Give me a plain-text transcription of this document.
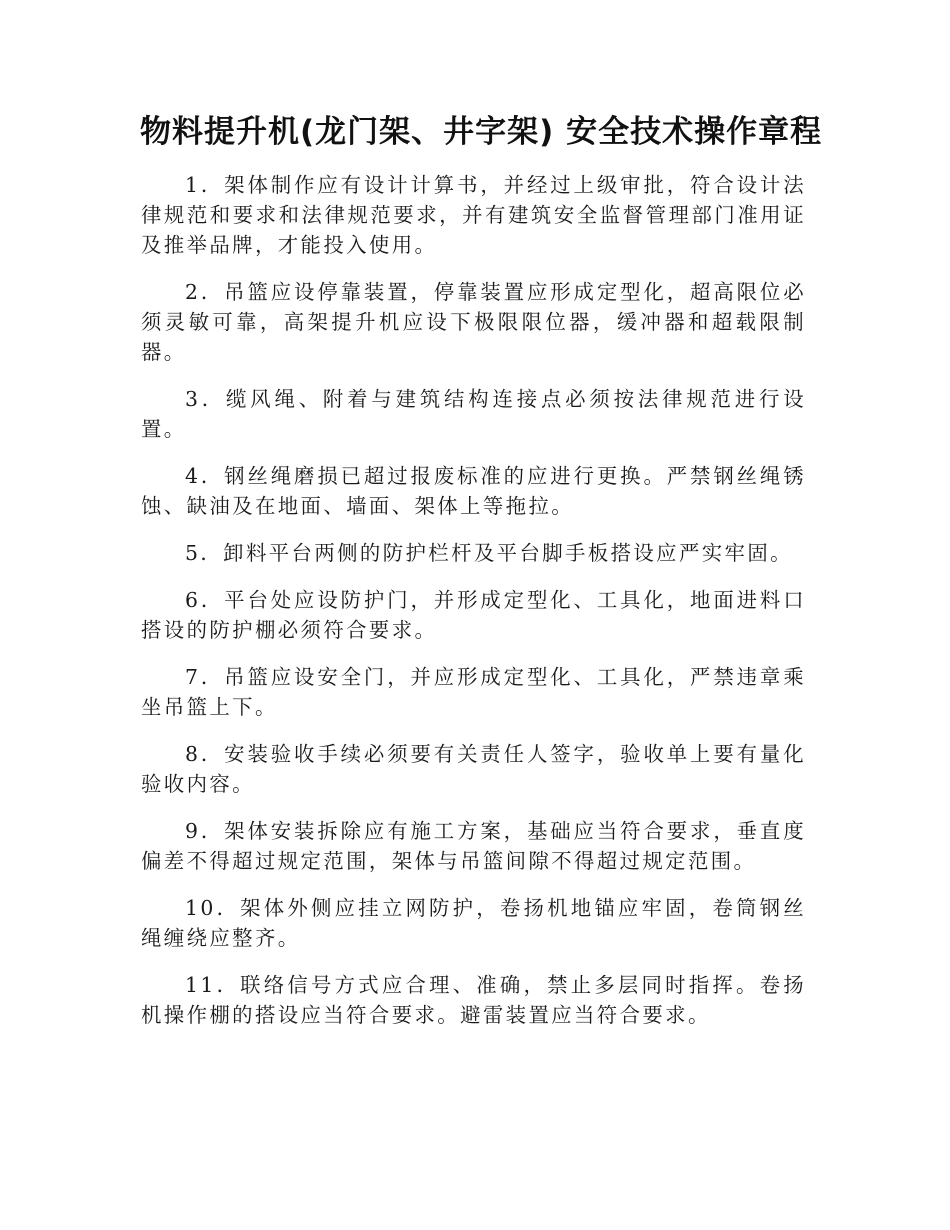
物料提升机(龙门架、井字架) 安全技术操作章程

1．架体制作应有设计计算书，并经过上级审批，符合设计法律规范和要求和法律规范要求，并有建筑安全监督管理部门准用证及推举品牌，才能投入使用。

2．吊篮应设停靠装置，停靠装置应形成定型化，超高限位必须灵敏可靠，高架提升机应设下极限限位器，缓冲器和超载限制器。

3．缆风绳、附着与建筑结构连接点必须按法律规范进行设置。

4．钢丝绳磨损已超过报废标准的应进行更换。严禁钢丝绳锈蚀、缺油及在地面、墙面、架体上等拖拉。

5．卸料平台两侧的防护栏杆及平台脚手板搭设应严实牢固。

6．平台处应设防护门，并形成定型化、工具化，地面进料口搭设的防护棚必须符合要求。

7．吊篮应设安全门，并应形成定型化、工具化，严禁违章乘坐吊篮上下。

8．安装验收手续必须要有关责任人签字，验收单上要有量化验收内容。

9．架体安装拆除应有施工方案，基础应当符合要求，垂直度偏差不得超过规定范围，架体与吊篮间隙不得超过规定范围。

10．架体外侧应挂立网防护，卷扬机地锚应牢固，卷筒钢丝绳缠绕应整齐。

11．联络信号方式应合理、准确，禁止多层同时指挥。卷扬机操作棚的搭设应当符合要求。避雷装置应当符合要求。
